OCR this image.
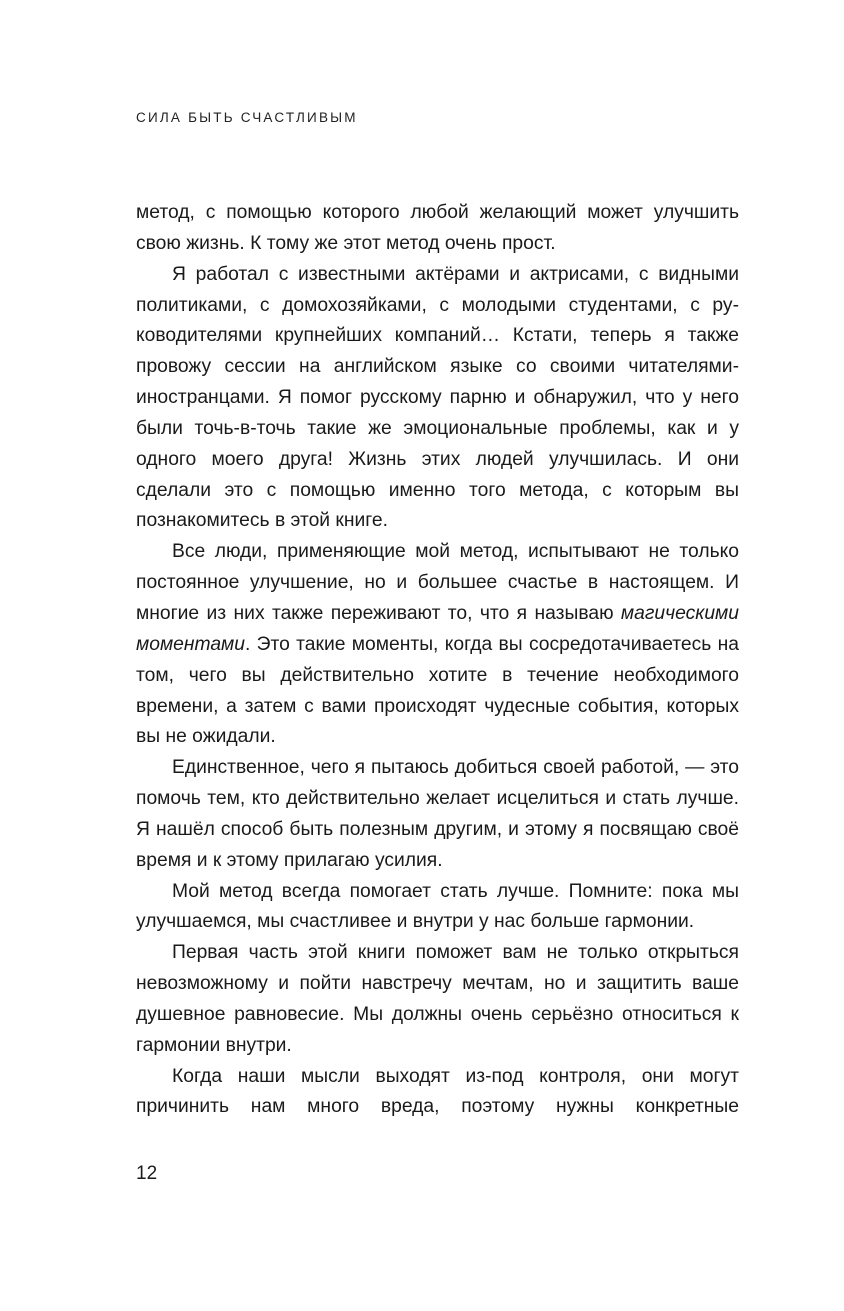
СИЛА БЫТЬ СЧАСТЛИВЫМ

метод, с помощью которого любой желающий может улучшить свою жизнь. К тому же этот метод очень прост.

Я работал с известными актёрами и актрисами, с видными политиками, с домохозяйками, с молодыми студентами, с руководителями крупнейших компаний… Кстати, теперь я также провожу сессии на английском языке со своими читателями-иностранцами. Я помог русскому парню и обнаружил, что у него были точь-в-точь такие же эмоциональные проблемы, как и у одного моего друга! Жизнь этих людей улучшилась. И они сделали это с помощью именно того метода, с которым вы познакомитесь в этой книге.

Все люди, применяющие мой метод, испытывают не только постоянное улучшение, но и большее счастье в настоящем. И многие из них также переживают то, что я называю магическими моментами. Это такие моменты, когда вы сосредотачиваетесь на том, чего вы действительно хотите в течение необходимого времени, а затем с вами происходят чудесные события, которых вы не ожидали.

Единственное, чего я пытаюсь добиться своей работой, — это помочь тем, кто действительно желает исцелиться и стать лучше. Я нашёл способ быть полезным другим, и этому я посвящаю своё время и к этому прилагаю усилия.

Мой метод всегда помогает стать лучше. Помните: пока мы улучшаемся, мы счастливее и внутри у нас больше гармонии.

Первая часть этой книги поможет вам не только открыться невозможному и пойти навстречу мечтам, но и защитить ваше душевное равновесие. Мы должны очень серьёзно относиться к гармонии внутри.

Когда наши мысли выходят из-под контроля, они могут причинить нам много вреда, поэтому нужны конкретные

12
